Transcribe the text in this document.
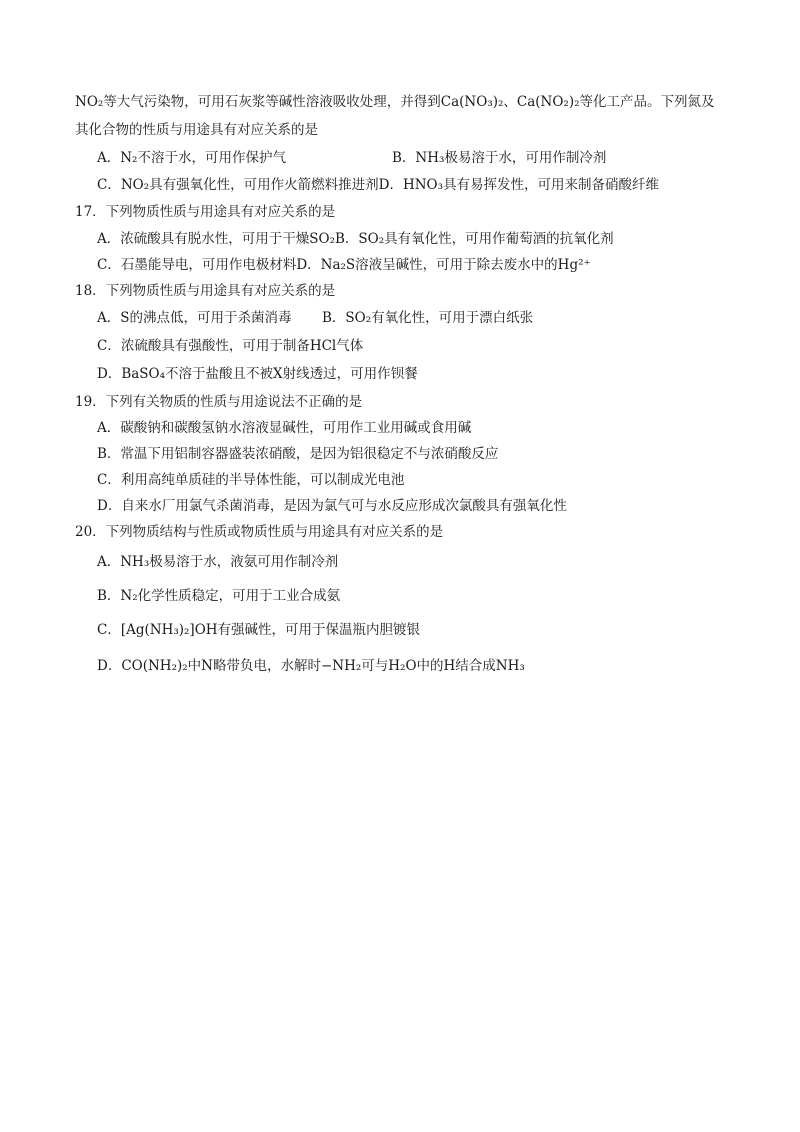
NO₂等大气污染物，可用石灰浆等碱性溶液吸收处理，并得到Ca(NO₃)₂、Ca(NO₂)₂等化工产品。下列氮及
其化合物的性质与用途具有对应关系的是
A．N₂不溶于水，可用作保护气	B．NH₃极易溶于水，可用作制冷剂
C．NO₂具有强氧化性，可用作火箭燃料推进剂D．HNO₃具有易挥发性，可用来制备硝酸纤维
17．下列物质性质与用途具有对应关系的是
A．浓硫酸具有脱水性，可用于干燥SO₂B．SO₂具有氧化性，可用作葡萄酒的抗氧化剂
C．石墨能导电，可用作电极材料D．Na₂S溶液呈碱性，可用于除去废水中的Hg²⁺
18．下列物质性质与用途具有对应关系的是
A．S的沸点低，可用于杀菌消毒 B．SO₂有氧化性，可用于漂白纸张
C．浓硫酸具有强酸性，可用于制备HCl气体
D．BaSO₄不溶于盐酸且不被X射线透过，可用作钡餐
19．下列有关物质的性质与用途说法不正确的是
A．碳酸钠和碳酸氢钠水溶液显碱性，可用作工业用碱或食用碱
B．常温下用铝制容器盛装浓硝酸，是因为铝很稳定不与浓硝酸反应
C．利用高纯单质硅的半导体性能，可以制成光电池
D．自来水厂用氯气杀菌消毒，是因为氯气可与水反应形成次氯酸具有强氧化性
20．下列物质结构与性质或物质性质与用途具有对应关系的是
A．NH₃极易溶于水，液氨可用作制冷剂
B．N₂化学性质稳定，可用于工业合成氨
C．[Ag(NH₃)₂]OH有强碱性，可用于保温瓶内胆镀银
D．CO(NH₂)₂中N略带负电，水解时−NH₂可与H₂O中的H结合成NH₃
